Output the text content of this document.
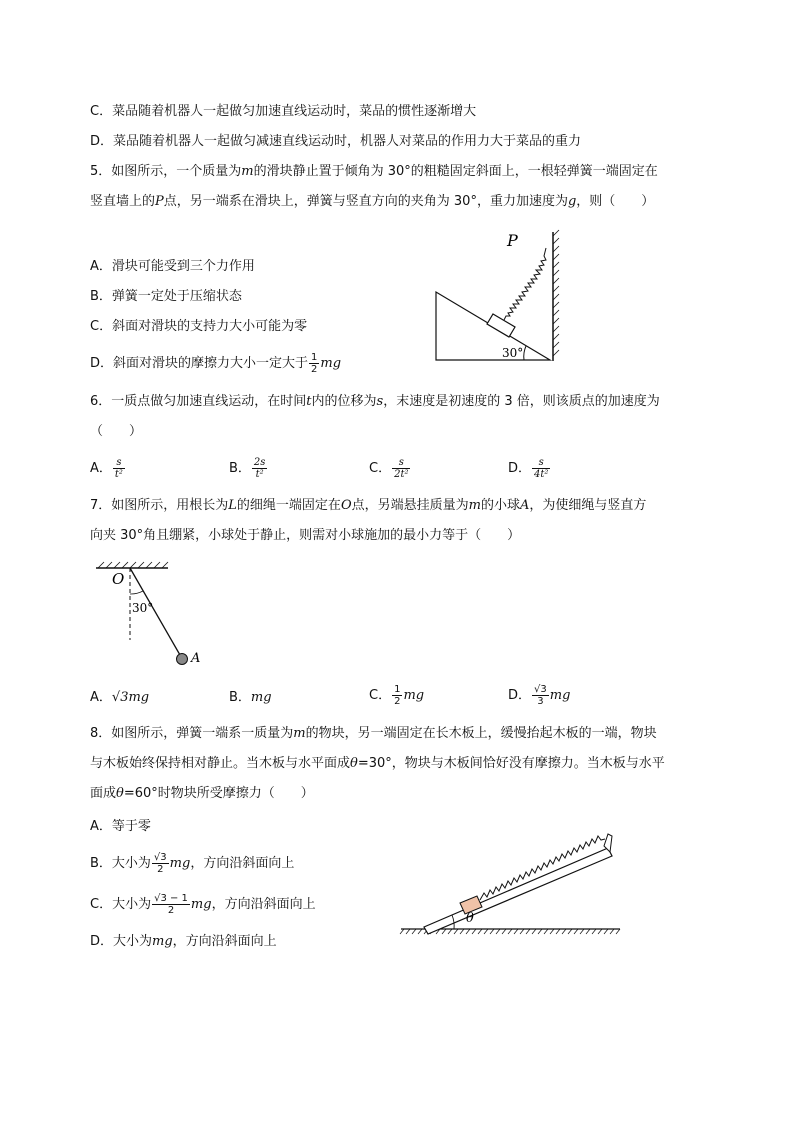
C．菜品随着机器人一起做匀加速直线运动时，菜品的惯性逐渐增大
D．菜品随着机器人一起做匀减速直线运动时，机器人对菜品的作用力大于菜品的重力
5．如图所示，一个质量为m的滑块静止置于倾角为 30°的粗糙固定斜面上，一根轻弹簧一端固定在
竖直墙上的P点，另一端系在滑块上，弹簧与竖直方向的夹角为 30°，重力加速度为g，则（　　）
A．滑块可能受到三个力作用
B．弹簧一定处于压缩状态
C．斜面对滑块的支持力大小可能为零
D．斜面对滑块的摩擦力大小一定大于 $\frac{1}{2}$ mg
P
30°
6．一质点做匀加速直线运动，在时间t内的位移为s，末速度是初速度的 3 倍，则该质点的加速度为
（　　）
A． $\frac{s}{\text{t²}}$	B． $\frac{2s}{\text{t²}}$	C． $\frac{s}{\text{2t²}}$	D． $\frac{s}{\text{4t²}}$
7．如图所示，用根长为L的细绳一端固定在O点，另端悬挂质量为m的小球A，为使细绳与竖直方
向夹 30°角且绷紧，小球处于静止，则需对小球施加的最小力等于（　　）
O
30°
A
A．√3mg	B．mg	C． $\frac{1}{2}$ mg	D． $\frac{√3}{3}$ mg
8．如图所示，弹簧一端系一质量为m的物块，另一端固定在长木板上，缓慢抬起木板的一端，物块
与木板始终保持相对静止。当木板与水平面成θ=30°，物块与木板间恰好没有摩擦力。当木板与水平
面成θ=60°时物块所受摩擦力（　　）
A．等于零
B．大小为 $\frac{√3}{2}$ mg，方向沿斜面向上
C．大小为 $\frac{√3 - 1}{2}$ mg，方向沿斜面向上
D．大小为mg，方向沿斜面向上
θ
